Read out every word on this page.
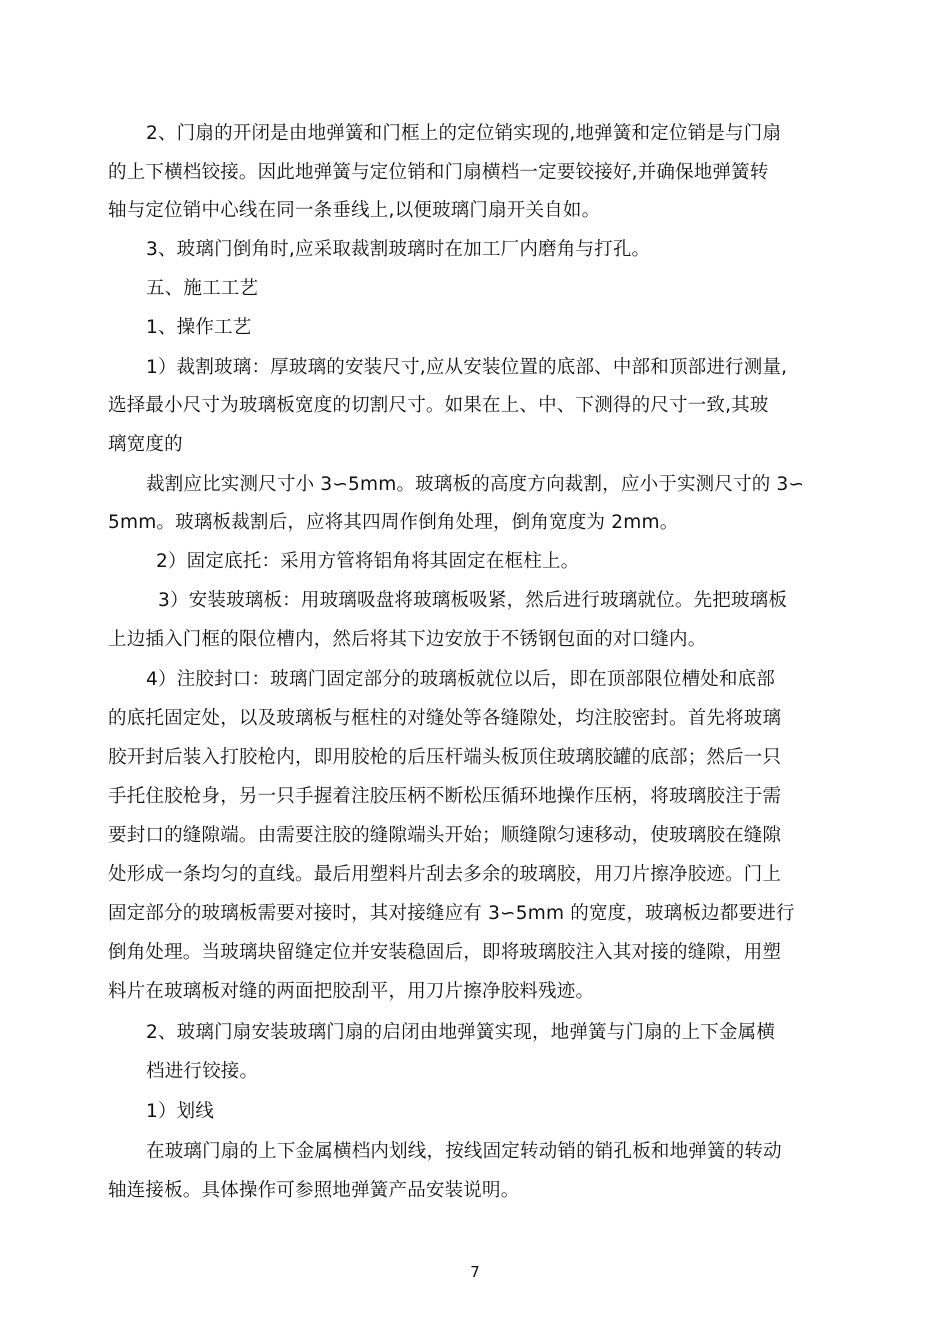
2、门扇的开闭是由地弹簧和门框上的定位销实现的,地弹簧和定位销是与门扇
的上下横档铰接。因此地弹簧与定位销和门扇横档一定要铰接好,并确保地弹簧转
轴与定位销中心线在同一条垂线上,以便玻璃门扇开关自如。
3、玻璃门倒角时,应采取裁割玻璃时在加工厂内磨角与打孔。
五、施工工艺
1、操作工艺
1）裁割玻璃：厚玻璃的安装尺寸,应从安装位置的底部、中部和顶部进行测量,
选择最小尺寸为玻璃板宽度的切割尺寸。如果在上、中、下测得的尺寸一致,其玻
璃宽度的
裁割应比实测尺寸小 3∽5mm。玻璃板的高度方向裁割，应小于实测尺寸的 3∽
5mm。玻璃板裁割后，应将其四周作倒角处理，倒角宽度为 2mm。
2）固定底托：采用方管将铝角将其固定在框柱上。
3）安装玻璃板：用玻璃吸盘将玻璃板吸紧，然后进行玻璃就位。先把玻璃板
上边插入门框的限位槽内，然后将其下边安放于不锈钢包面的对口缝内。
4）注胶封口：玻璃门固定部分的玻璃板就位以后，即在顶部限位槽处和底部
的底托固定处，以及玻璃板与框柱的对缝处等各缝隙处，均注胶密封。首先将玻璃
胶开封后装入打胶枪内，即用胶枪的后压杆端头板顶住玻璃胶罐的底部；然后一只
手托住胶枪身，另一只手握着注胶压柄不断松压循环地操作压柄，将玻璃胶注于需
要封口的缝隙端。由需要注胶的缝隙端头开始；顺缝隙匀速移动，使玻璃胶在缝隙
处形成一条均匀的直线。最后用塑料片刮去多余的玻璃胶，用刀片擦净胶迹。门上
固定部分的玻璃板需要对接时，其对接缝应有 3∽5mm 的宽度，玻璃板边都要进行
倒角处理。当玻璃块留缝定位并安装稳固后，即将玻璃胶注入其对接的缝隙，用塑
料片在玻璃板对缝的两面把胶刮平，用刀片擦净胶料残迹。
2、玻璃门扇安装玻璃门扇的启闭由地弹簧实现，地弹簧与门扇的上下金属横
档进行铰接。
1）划线
在玻璃门扇的上下金属横档内划线，按线固定转动销的销孔板和地弹簧的转动
轴连接板。具体操作可参照地弹簧产品安装说明。
7
